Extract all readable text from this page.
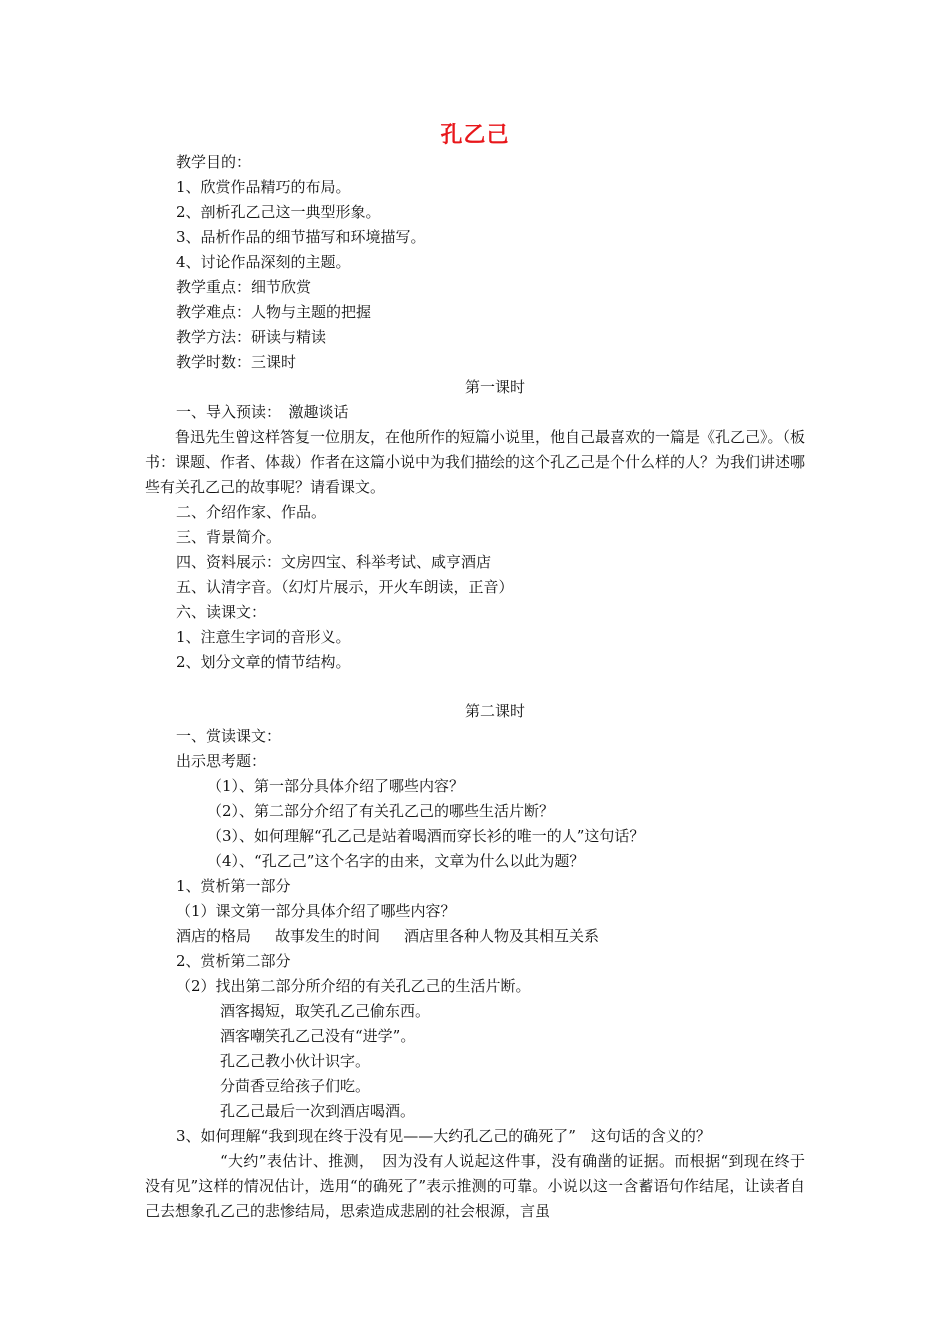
孔乙己
教学目的：
1、欣赏作品精巧的布局。
2、剖析孔乙己这一典型形象。
3、品析作品的细节描写和环境描写。
4、讨论作品深刻的主题。
教学重点：细节欣赏
教学难点：人物与主题的把握
教学方法：研读与精读
教学时数：三课时
第一课时
一、导入预读：　激趣谈话
鲁迅先生曾这样答复一位朋友，在他所作的短篇小说里，他自己最喜欢的一篇是《孔乙己》。（板书：课题、作者、体裁）作者在这篇小说中为我们描绘的这个孔乙己是个什么样的人？为我们讲述哪些有关孔乙己的故事呢？请看课文。
二、介绍作家、作品。
三、背景简介。
四、资料展示：文房四宝、科举考试、咸亨酒店
五、认清字音。（幻灯片展示，开火车朗读，正音）
六、读课文：
1、注意生字词的音形义。
2、划分文章的情节结构。
第二课时
一、赏读课文：
出示思考题：
（1）、第一部分具体介绍了哪些内容？
（2）、第二部分介绍了有关孔乙己的哪些生活片断？
（3）、如何理解“孔乙己是站着喝酒而穿长衫的唯一的人”这句话？
（4）、“孔乙己”这个名字的由来，文章为什么以此为题？
1、赏析第一部分
（1）课文第一部分具体介绍了哪些内容？
酒店的格局 故事发生的时间 酒店里各种人物及其相互关系
2、赏析第二部分
（2）找出第二部分所介绍的有关孔乙己的生活片断。
酒客揭短，取笑孔乙己偷东西。
酒客嘲笑孔乙己没有“进学”。
孔乙己教小伙计识字。
分茴香豆给孩子们吃。
孔乙己最后一次到酒店喝酒。
3、如何理解“我到现在终于没有见——大约孔乙己的确死了”　这句话的含义的？
“大约”表估计、推测，　因为没有人说起这件事，没有确凿的证据。而根据“到现在终于没有见”这样的情况估计，选用“的确死了”表示推测的可靠。小说以这一含蓄语句作结尾，让读者自己去想象孔乙己的悲惨结局，思索造成悲剧的社会根源，言虽
